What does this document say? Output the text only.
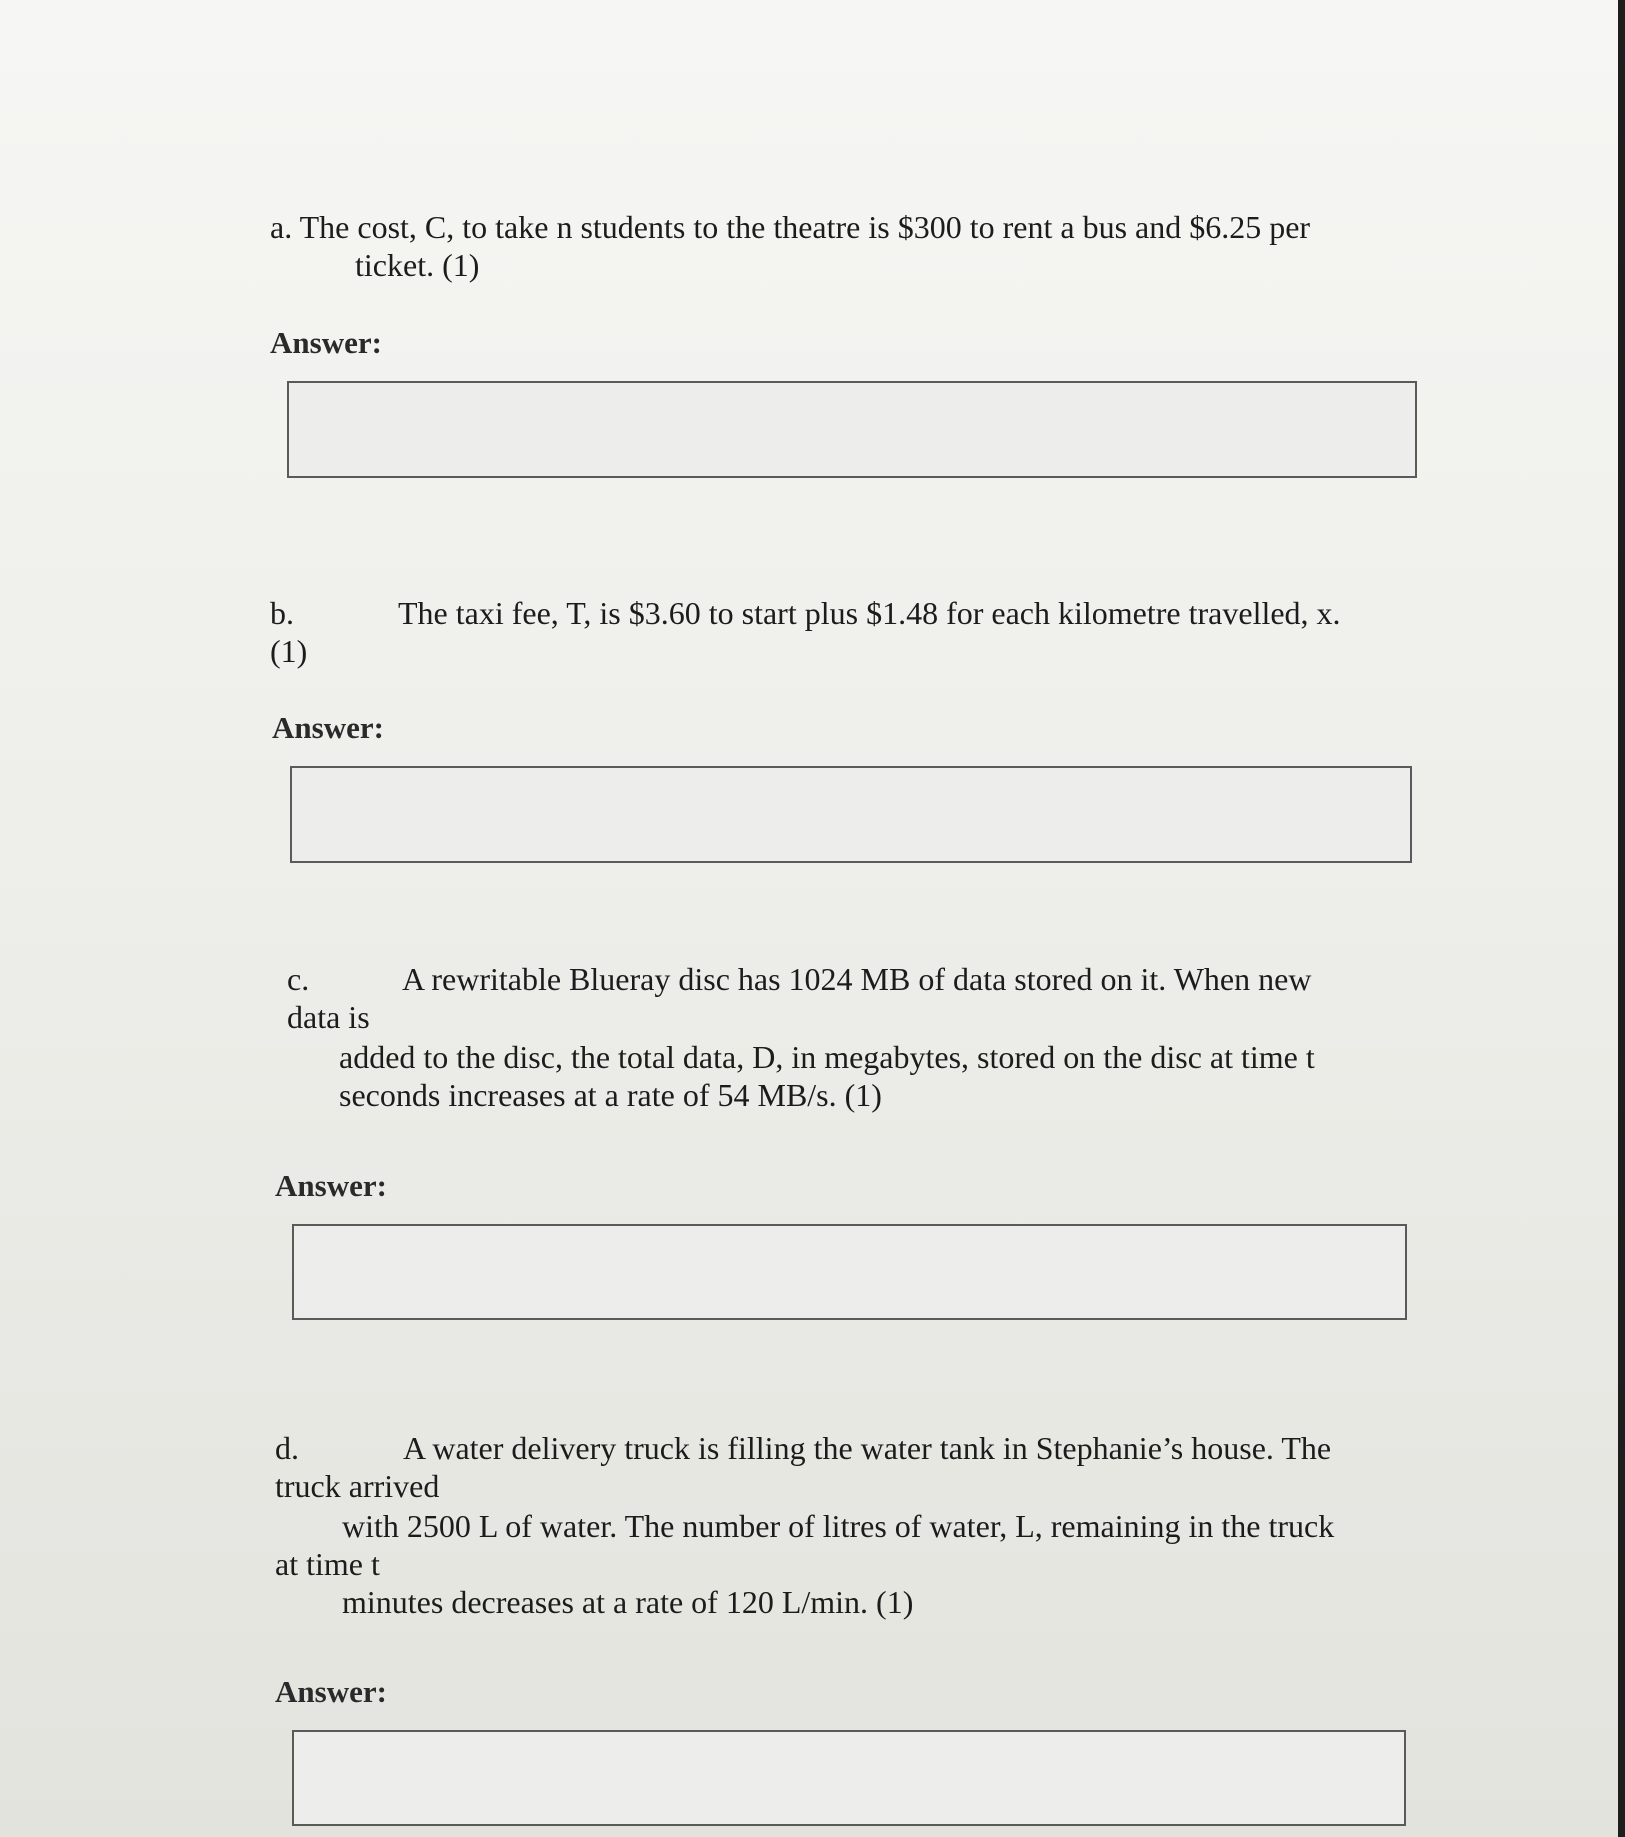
a. The cost, C, to take n students to the theatre is $300 to rent a bus and $6.25 per
ticket. (1)
Answer:
b.	The taxi fee, T, is $3.60 to start plus $1.48 for each kilometre travelled, x.
(1)
Answer:
c.	A rewritable Blueray disc has 1024 MB of data stored on it. When new
data is
added to the disc, the total data, D, in megabytes, stored on the disc at time t
seconds increases at a rate of 54 MB/s. (1)
Answer:
d.	A water delivery truck is filling the water tank in Stephanie’s house. The
truck arrived
with 2500 L of water. The number of litres of water, L, remaining in the truck
at time t
minutes decreases at a rate of 120 L/min. (1)
Answer:
